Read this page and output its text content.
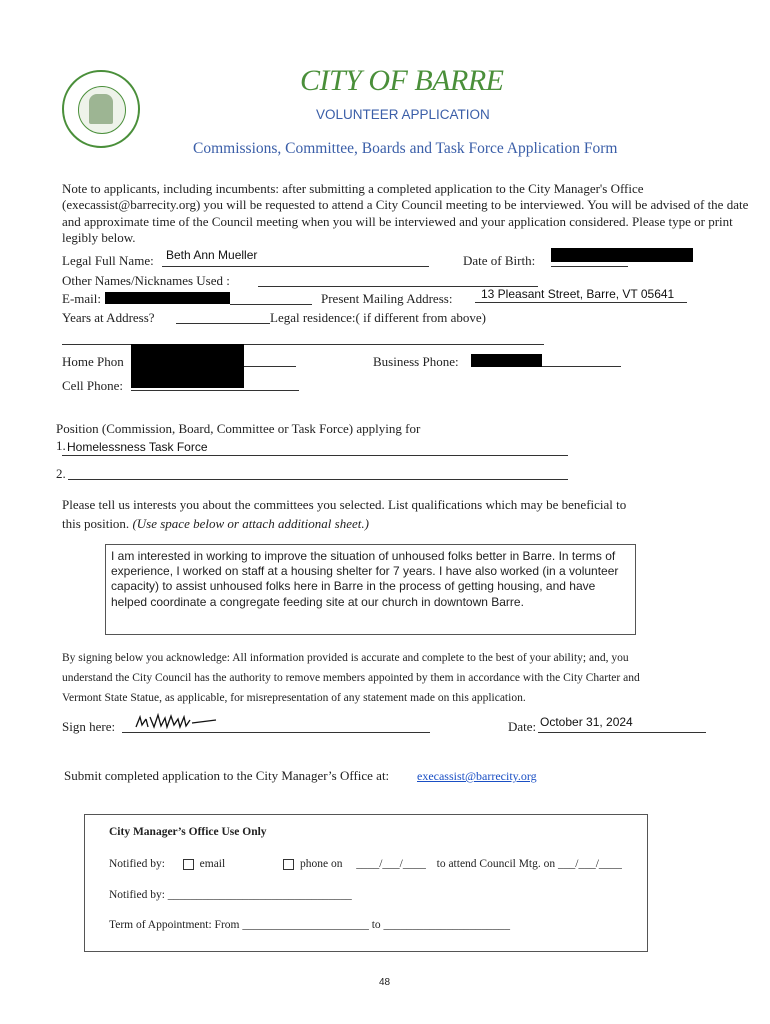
CITY OF BARRE
VOLUNTEER APPLICATION
Commissions, Committee, Boards and Task Force Application Form
Note to applicants, including incumbents: after submitting a completed application to the City Manager's Office (execassist@barrecity.org) you will be requested to attend a City Council meeting to be interviewed. You will be advised of the date and approximate time of the Council meeting when you will be interviewed and your application considered. Please type or print legibly below.
Legal Full Name: Beth Ann Mueller	Date of Birth:
Other Names/Nicknames Used :
E-mail:	Present Mailing Address: 13 Pleasant Street, Barre, VT 05641
Years at Address?	Legal residence:( if different from above)
Home Phon	Business Phone:
Cell Phone:
Position (Commission, Board, Committee or Task Force) applying for
1. Homelessness Task Force
2.
Please tell us interests you about the committees you selected. List qualifications which may be beneficial to
this position. (Use space below or attach additional sheet.)
I am interested in working to improve the situation of unhoused folks better in Barre. In terms of experience, I worked on staff at a housing shelter for 7 years. I have also worked (in a volunteer capacity) to assist unhoused folks here in Barre in the process of getting housing, and have helped coordinate a congregate feeding site at our church in downtown Barre.
By signing below you acknowledge: All information provided is accurate and complete to the best of your ability; and, you
understand the City Council has the authority to remove members appointed by them in accordance with the City Charter and
Vermont State Statue, as applicable, for misrepresentation of any statement made on this application.
Sign here:	Date: October 31, 2024
Submit completed application to the City Manager’s Office at: execassist@barrecity.org
City Manager’s Office Use Only
Notified by:	email	phone on ____/___/____ to attend Council Mtg. on ___/___/____
Notified by: ________________________________
Term of Appointment: From ______________________ to ______________________
48
